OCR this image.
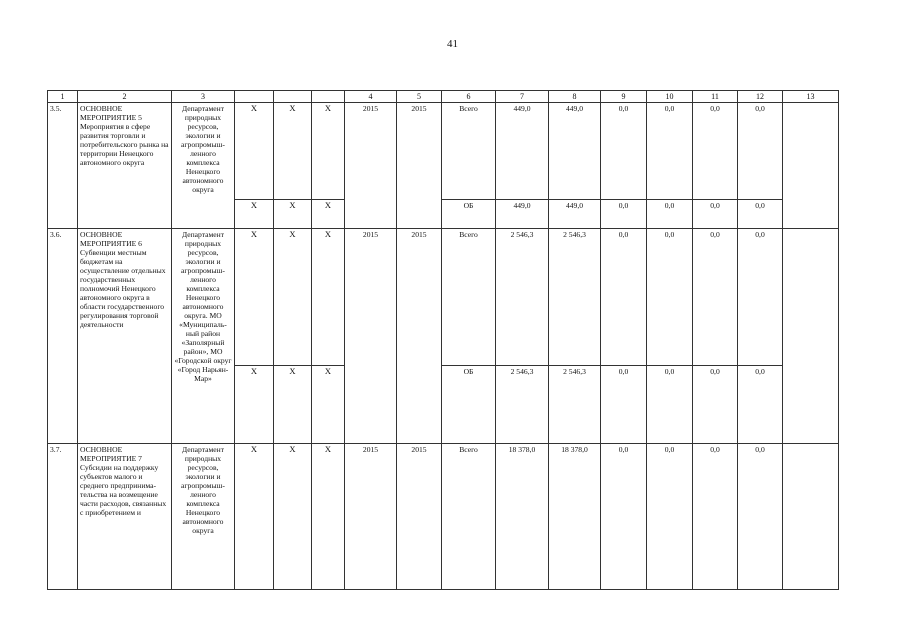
41
1	2	3				4	5	6	7	8	9	10	11	12	13
3.5.	ОСНОВНОЕ МЕРОПРИЯТИЕ 5 Мероприятия в сфере развития торговли и потребительского рынка на территории Ненецкого автономного округа	Департамент природных ресурсов, экологии и агропромыш-ленного комплекса Ненецкого автономного округа	X	X	X	2015	2015	Всего	449,0	449,0	0,0	0,0	0,0	0,0	
			X	X	X			ОБ	449,0	449,0	0,0	0,0	0,0	0,0	
3.6.	ОСНОВНОЕ МЕРОПРИЯТИЕ 6 Субвенции местным бюджетам на осуществление отдельных государственных полномочий Ненецкого автономного округа в области государственного регулирования торговой деятельности	Департамент природных ресурсов, экологии и агропромыш-ленного комплекса Ненецкого автономного округа. МО «Муниципаль-ный район «Заполярный район», МО «Городской округ «Город Нарьян-Мар»	X	X	X	2015	2015	Всего	2 546,3	2 546,3	0,0	0,0	0,0	0,0	
			X	X	X			ОБ	2 546,3	2 546,3	0,0	0,0	0,0	0,0	
3.7.	ОСНОВНОЕ МЕРОПРИЯТИЕ 7 Субсидии на поддержку субъектов малого и среднего предпринима-тельства на возмещение части расходов, связанных с приобретением и	Департамент природных ресурсов, экологии и агропромыш-ленного комплекса Ненецкого автономного округа	X	X	X	2015	2015	Всего	18 378,0	18 378,0	0,0	0,0	0,0	0,0	
